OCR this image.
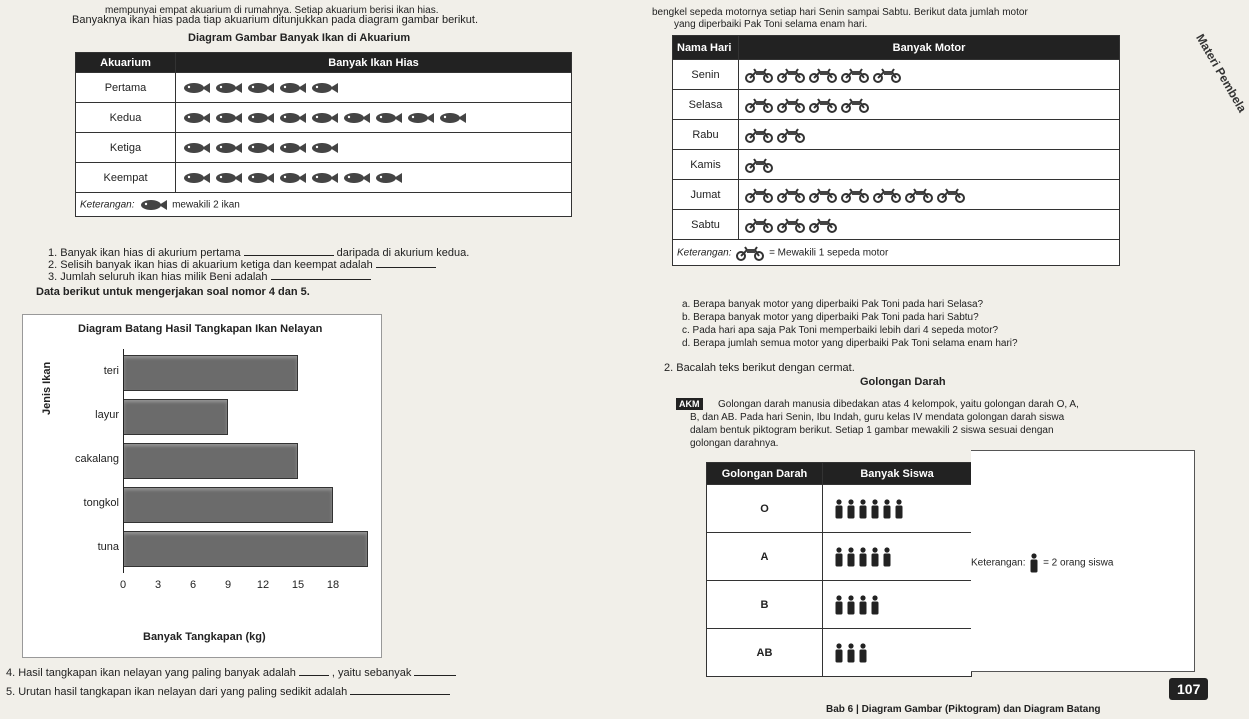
mempunyai empat akuarium di rumahnya. Setiap akuarium berisi ikan hias.
Banyaknya ikan hias pada tiap akuarium ditunjukkan pada diagram gambar berikut.
Diagram Gambar Banyak Ikan di Akuarium
Akuarium	Banyak Ikan Hias
Pertama	
Kedua	
Ketiga	
Keempat	
Keterangan: mewakili 2 ikan	
1. Banyak ikan hias di akurium pertama	daripada di akurium kedua.
2. Selisih banyak ikan hias di akuarium ketiga dan keempat adalah
3. Jumlah seluruh ikan hias milik Beni adalah
Data berikut untuk mengerjakan soal nomor 4 dan 5.
Diagram Batang Hasil Tangkapan Ikan Nelayan
Jenis Ikan	teri
layur
cakalang
tongkol
tuna
0	3	6	9	12	15	18
Banyak Tangkapan (kg)
4. Hasil tangkapan ikan nelayan yang paling banyak adalah	, yaitu sebanyak
5. Urutan hasil tangkapan ikan nelayan dari yang paling sedikit adalah
bengkel sepeda motornya setiap hari Senin sampai Sabtu. Berikut data jumlah motor
yang diperbaiki Pak Toni selama enam hari.
Nama Hari	Banyak Motor
Senin	
Selasa	
Rabu	
Kamis	
Jumat	
Sabtu	
Keterangan: = Mewakili 1 sepeda motor	
a. Berapa banyak motor yang diperbaiki Pak Toni pada hari Selasa?
b. Berapa banyak motor yang diperbaiki Pak Toni pada hari Sabtu?
c. Pada hari apa saja Pak Toni memperbaiki lebih dari 4 sepeda motor?
d. Berapa jumlah semua motor yang diperbaiki Pak Toni selama enam hari?
2. Bacalah teks berikut dengan cermat.
Golongan Darah
AKM	Golongan darah manusia dibedakan atas 4 kelompok, yaitu golongan darah O, A,
B, dan AB. Pada hari Senin, Ibu Indah, guru kelas IV mendata golongan darah siswa
dalam bentuk piktogram berikut. Setiap 1 gambar mewakili 2 siswa sesuai dengan
golongan darahnya.
Golongan Darah	Banyak Siswa
O	
A	
B	
AB	
Keterangan: = 2 orang siswa
Bab 6 | Diagram Gambar (Piktogram) dan Diagram Batang
107
Materi Pembela
